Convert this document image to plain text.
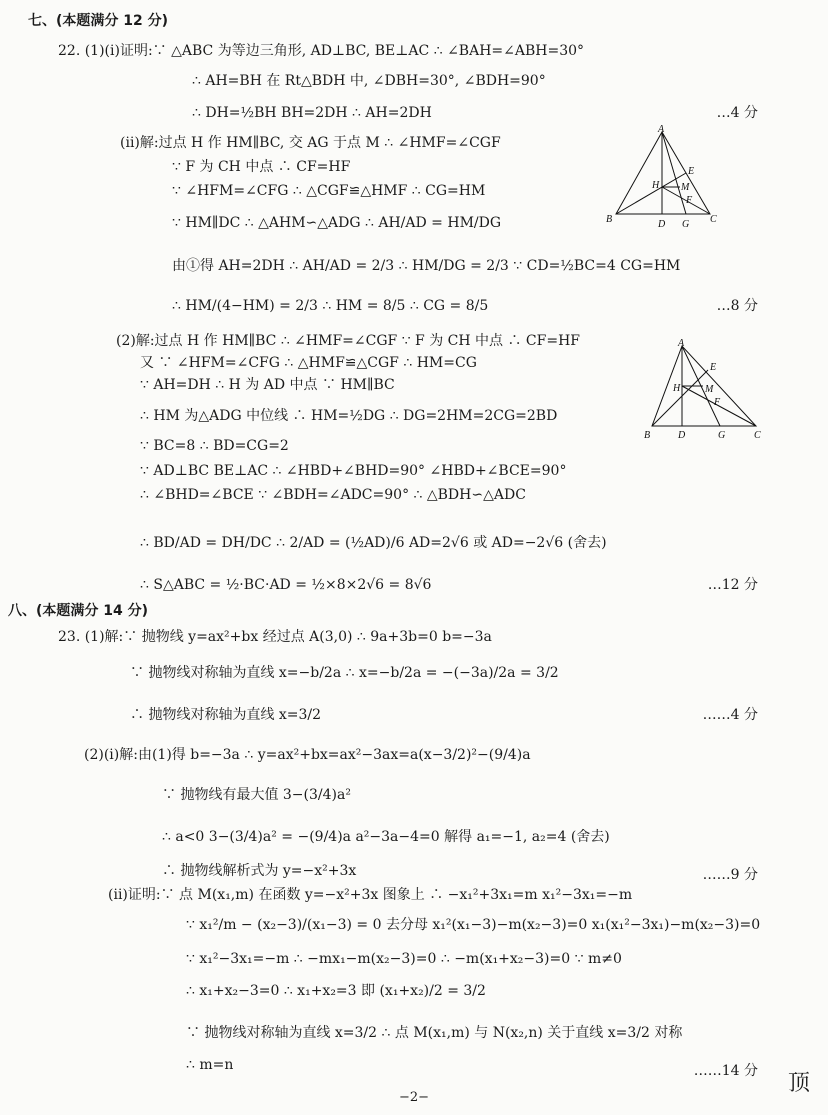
七、(本题满分 12 分)
22. (1)(ⅰ)证明:∵ △ABC 为等边三角形, AD⊥BC, BE⊥AC ∴ ∠BAH=∠ABH=30°
∴ AH=BH 在 Rt△BDH 中, ∠DBH=30°, ∠BDH=90°
∴ DH=½BH BH=2DH ∴ AH=2DH	…4 分
(ⅱ)解:过点 H 作 HM∥BC, 交 AG 于点 M ∴ ∠HMF=∠CGF
∵ F 为 CH 中点 ∴ CF=HF
∵ ∠HFM=∠CFG ∴ △CGF≌△HMF ∴ CG=HM
∵ HM∥DC ∴ △AHM∽△ADG ∴ AH/AD = HM/DG
由①得 AH=2DH ∴ AH/AD = 2/3 ∴ HM/DG = 2/3 ∵ CD=½BC=4 CG=HM
∴ HM/(4−HM) = 2/3 ∴ HM = 8/5 ∴ CG = 8/5	…8 分
(2)解:过点 H 作 HM∥BC ∴ ∠HMF=∠CGF ∵ F 为 CH 中点 ∴ CF=HF
又 ∵ ∠HFM=∠CFG ∴ △HMF≌△CGF ∴ HM=CG
∵ AH=DH ∴ H 为 AD 中点 ∵ HM∥BC
∴ HM 为△ADG 中位线 ∴ HM=½DG ∴ DG=2HM=2CG=2BD
∵ BC=8 ∴ BD=CG=2
∵ AD⊥BC BE⊥AC ∴ ∠HBD+∠BHD=90° ∠HBD+∠BCE=90°
∴ ∠BHD=∠BCE ∵ ∠BDH=∠ADC=90° ∴ △BDH∽△ADC
∴ BD/AD = DH/DC ∴ 2/AD = (½AD)/6 AD=2√6 或 AD=−2√6 (舍去)
∴ S△ABC = ½·BC·AD = ½×8×2√6 = 8√6	…12 分
A
B	C
D G
E
H M
F
A
B	C
D	G
E
H M
F
八、(本题满分 14 分)
23. (1)解:∵ 抛物线 y=ax²+bx 经过点 A(3,0) ∴ 9a+3b=0 b=−3a
∵ 抛物线对称轴为直线 x=−b/2a ∴ x=−b/2a = −(−3a)/2a = 3/2
∴ 抛物线对称轴为直线 x=3/2	……4 分
(2)(ⅰ)解:由(1)得 b=−3a ∴ y=ax²+bx=ax²−3ax=a(x−3/2)²−(9/4)a
∵ 抛物线有最大值 3−(3/4)a²
∴ a<0 3−(3/4)a² = −(9/4)a a²−3a−4=0 解得 a₁=−1, a₂=4 (舍去)
∴ 抛物线解析式为 y=−x²+3x	……9 分
(ⅱ)证明:∵ 点 M(x₁,m) 在函数 y=−x²+3x 图象上 ∴ −x₁²+3x₁=m x₁²−3x₁=−m
∵ x₁²/m − (x₂−3)/(x₁−3) = 0 去分母 x₁²(x₁−3)−m(x₂−3)=0 x₁(x₁²−3x₁)−m(x₂−3)=0
∵ x₁²−3x₁=−m ∴ −mx₁−m(x₂−3)=0 ∴ −m(x₁+x₂−3)=0 ∵ m≠0
∴ x₁+x₂−3=0 ∴ x₁+x₂=3 即 (x₁+x₂)/2 = 3/2
∵ 抛物线对称轴为直线 x=3/2 ∴ 点 M(x₁,m) 与 N(x₂,n) 关于直线 x=3/2 对称
∴ m=n	……14 分
−2−
顶
